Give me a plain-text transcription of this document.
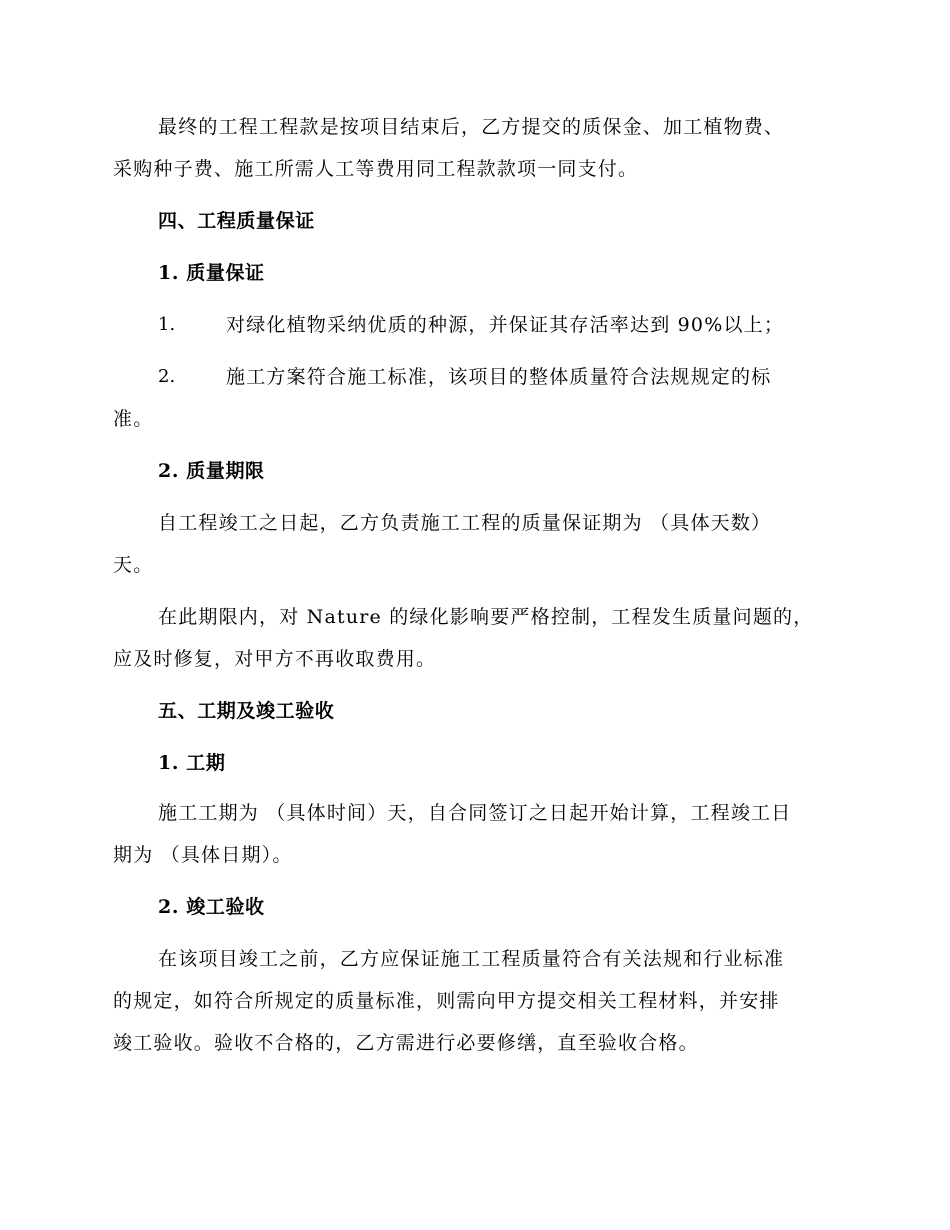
最终的工程工程款是按项目结束后，乙方提交的质保金、加工植物费、
采购种子费、施工所需人工等费用同工程款款项一同支付。
四、工程质量保证
1. 质量保证
1.	对绿化植物采纳优质的种源，并保证其存活率达到 90%以上；
2.	施工方案符合施工标准，该项目的整体质量符合法规规定的标
准。
2. 质量期限
自工程竣工之日起，乙方负责施工工程的质量保证期为 （具体天数）
天。
在此期限内，对 Nature 的绿化影响要严格控制，工程发生质量问题的，
应及时修复，对甲方不再收取费用。
五、工期及竣工验收
1. 工期
施工工期为 （具体时间）天，自合同签订之日起开始计算，工程竣工日
期为 （具体日期）。
2. 竣工验收
在该项目竣工之前，乙方应保证施工工程质量符合有关法规和行业标准
的规定，如符合所规定的质量标准，则需向甲方提交相关工程材料，并安排
竣工验收。验收不合格的，乙方需进行必要修缮，直至验收合格。
